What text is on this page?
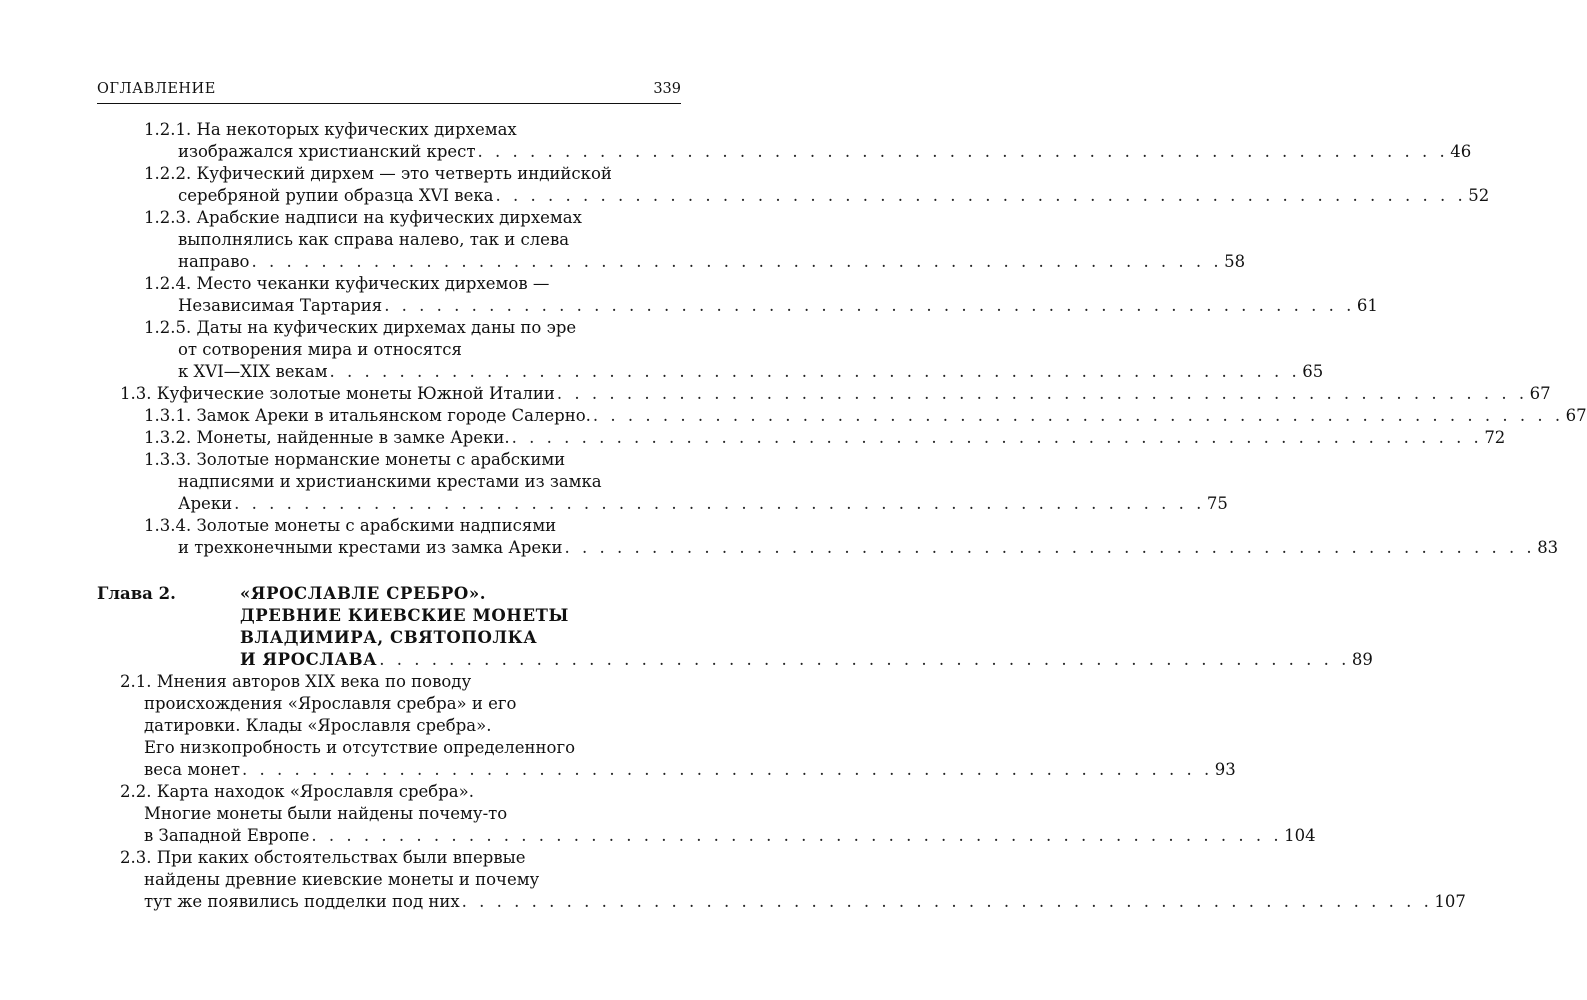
ОГЛАВЛЕНИЕ	339
1.2.1. На некоторых куфических дирхемах
изображался христианский крест . . . . . . . . . . . . . . . . . . . . . . . . . . . . . . . . . . . . . . . . . . . . . . . . . . . . . . . . 46
1.2.2. Куфический дирхем — это четверть индийской
серебряной рупии образца XVI века . . . . . . . . . . . . . . . . . . . . . . . . . . . . . . . . . . . . . . . . . . . . . . . . . . . . . . . . 52
1.2.3. Арабские надписи на куфических дирхемах
выполнялись как справа налево, так и слева
направо . . . . . . . . . . . . . . . . . . . . . . . . . . . . . . . . . . . . . . . . . . . . . . . . . . . . . . . . 58
1.2.4. Место чеканки куфических дирхемов —
Независимая Тартария . . . . . . . . . . . . . . . . . . . . . . . . . . . . . . . . . . . . . . . . . . . . . . . . . . . . . . . . 61
1.2.5. Даты на куфических дирхемах даны по эре
от сотворения мира и относятся
к XVI—XIX векам . . . . . . . . . . . . . . . . . . . . . . . . . . . . . . . . . . . . . . . . . . . . . . . . . . . . . . . . 65
1.3. Куфические золотые монеты Южной Италии . . . . . . . . . . . . . . . . . . . . . . . . . . . . . . . . . . . . . . . . . . . . . . . . . . . . . . . . 67
1.3.1. Замок Ареки в итальянском городе Салерно. . . . . . . . . . . . . . . . . . . . . . . . . . . . . . . . . . . . . . . . . . . . . . . . . . . . . . . . . 67
1.3.2. Монеты, найденные в замке Ареки. . . . . . . . . . . . . . . . . . . . . . . . . . . . . . . . . . . . . . . . . . . . . . . . . . . . . . . . . 72
1.3.3. Золотые норманские монеты с арабскими
надписями и христианскими крестами из замка
Ареки . . . . . . . . . . . . . . . . . . . . . . . . . . . . . . . . . . . . . . . . . . . . . . . . . . . . . . . . 75
1.3.4. Золотые монеты с арабскими надписями
и трехконечными крестами из замка Ареки . . . . . . . . . . . . . . . . . . . . . . . . . . . . . . . . . . . . . . . . . . . . . . . . . . . . . . . . 83
Глава 2.	«ЯРОСЛАВЛЕ СРЕБРО».
ДРЕВНИЕ КИЕВСКИЕ МОНЕТЫ
ВЛАДИМИРА, СВЯТОПОЛКА
И ЯРОСЛАВА . . . . . . . . . . . . . . . . . . . . . . . . . . . . . . . . . . . . . . . . . . . . . . . . . . . . . . . . 89
2.1. Мнения авторов XIX века по поводу
происхождения «Ярославля сребра» и его
датировки. Клады «Ярославля сребра».
Его низкопробность и отсутствие определенного
веса монет . . . . . . . . . . . . . . . . . . . . . . . . . . . . . . . . . . . . . . . . . . . . . . . . . . . . . . . . 93
2.2. Карта находок «Ярославля сребра».
Многие монеты были найдены почему-то
в Западной Европе . . . . . . . . . . . . . . . . . . . . . . . . . . . . . . . . . . . . . . . . . . . . . . . . . . . . . . . . 104
2.3. При каких обстоятельствах были впервые
найдены древние киевские монеты и почему
тут же появились подделки под них . . . . . . . . . . . . . . . . . . . . . . . . . . . . . . . . . . . . . . . . . . . . . . . . . . . . . . . . 107
